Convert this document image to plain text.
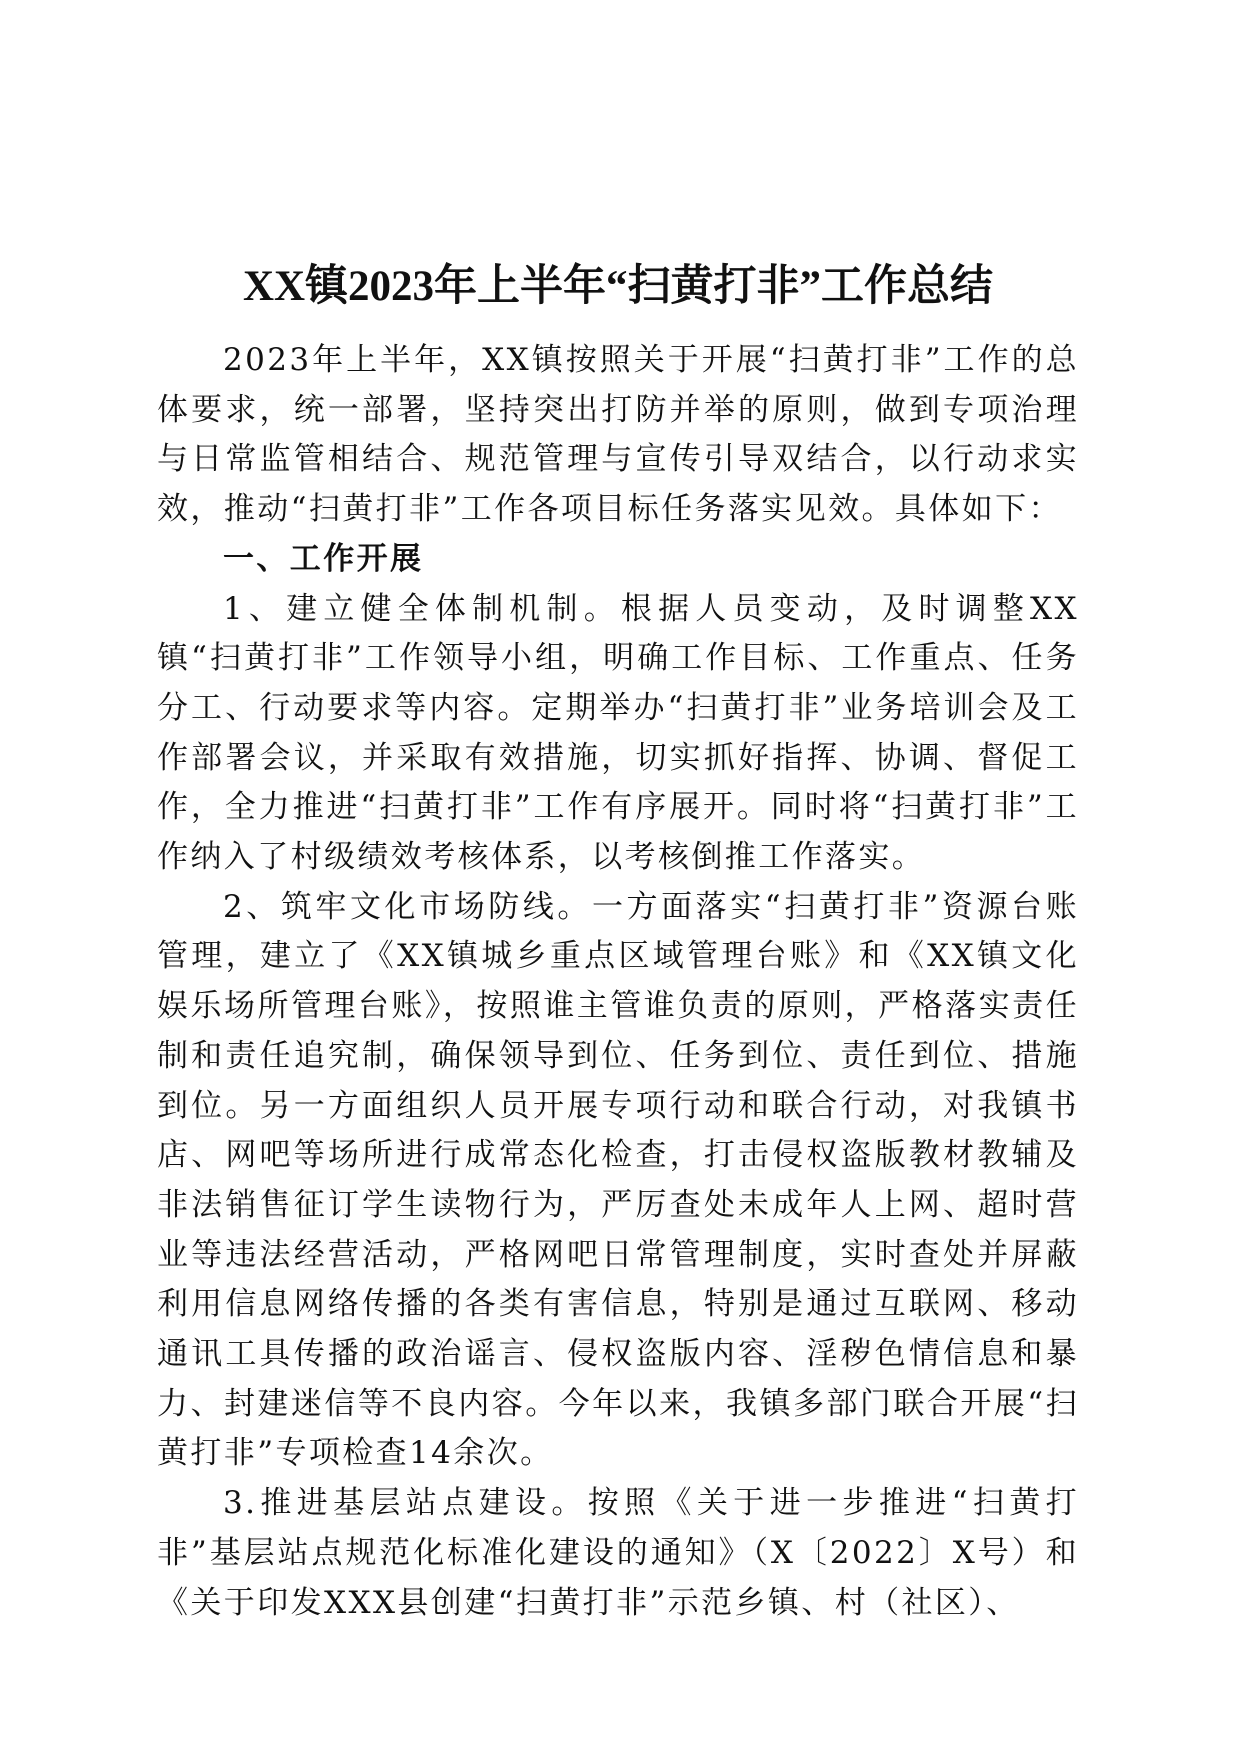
XX镇2023年上半年“扫黄打非”工作总结

2023年上半年，XX镇按照关于开展“扫黄打非”工作的总体要求，统一部署，坚持突出打防并举的原则，做到专项治理与日常监管相结合、规范管理与宣传引导双结合，以行动求实效，推动“扫黄打非”工作各项目标任务落实见效。具体如下：

一、工作开展

1、建立健全体制机制。根据人员变动，及时调整XX镇“扫黄打非”工作领导小组，明确工作目标、工作重点、任务分工、行动要求等内容。定期举办“扫黄打非”业务培训会及工作部署会议，并采取有效措施，切实抓好指挥、协调、督促工作，全力推进“扫黄打非”工作有序展开。同时将“扫黄打非”工作纳入了村级绩效考核体系，以考核倒推工作落实。

2、筑牢文化市场防线。一方面落实“扫黄打非”资源台账管理，建立了《XX镇城乡重点区域管理台账》和《XX镇文化娱乐场所管理台账》，按照谁主管谁负责的原则，严格落实责任制和责任追究制，确保领导到位、任务到位、责任到位、措施到位。另一方面组织人员开展专项行动和联合行动，对我镇书店、网吧等场所进行成常态化检查，打击侵权盗版教材教辅及非法销售征订学生读物行为，严厉查处未成年人上网、超时营业等违法经营活动，严格网吧日常管理制度，实时查处并屏蔽利用信息网络传播的各类有害信息，特别是通过互联网、移动通讯工具传播的政治谣言、侵权盗版内容、淫秽色情信息和暴力、封建迷信等不良内容。今年以来，我镇多部门联合开展“扫黄打非”专项检查14余次。

3.推进基层站点建设。按照《关于进一步推进“扫黄打非”基层站点规范化标准化建设的通知》（X〔2022〕X号）和《关于印发XXX县创建“扫黄打非”示范乡镇、村（社区）、
